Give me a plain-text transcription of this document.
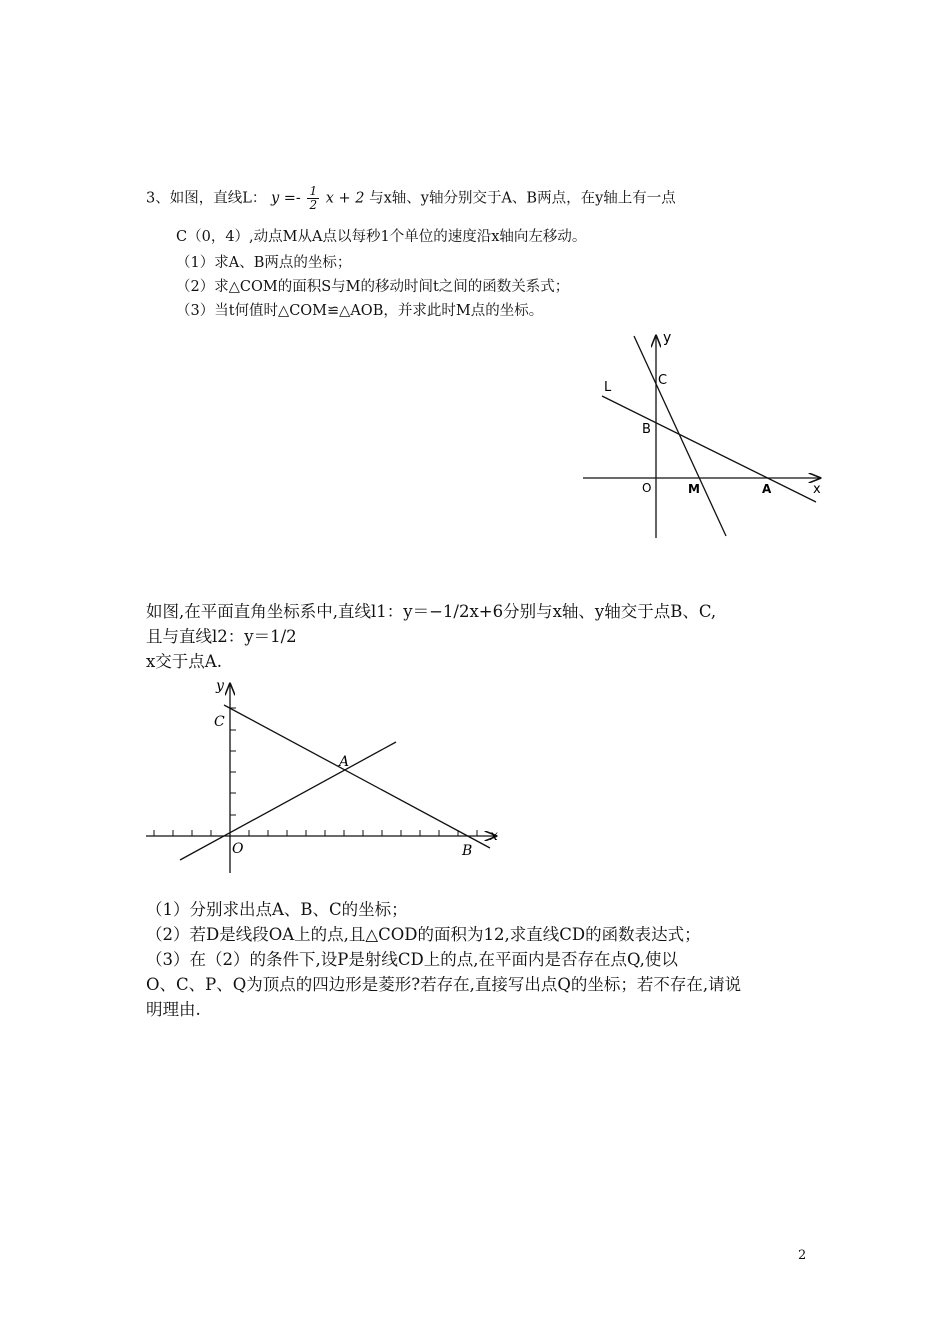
3、如图，直线L： $y =- \frac{1}{2}$ x + 2 与x轴、y轴分别交于A、B两点，在y轴上有一点
C（0，4）,动点M从A点以每秒1个单位的速度沿x轴向左移动。
（1）求A、B两点的坐标；
（2）求△COM的面积S与M的移动时间t之间的函数关系式；
（3）当t何值时△COM≌△AOB，并求此时M点的坐标。
y
x
L	C
B
O	M	A
如图,在平面直角坐标系中,直线l1：y＝−1/2x+6分别与x轴、y轴交于点B、C,
且与直线l2：y＝1/2
x交于点A.
y
x
C
A
O	B
（1）分别求出点A、B、C的坐标；
（2）若D是线段OA上的点,且△COD的面积为12,求直线CD的函数表达式；
（3）在（2）的条件下,设P是射线CD上的点,在平面内是否存在点Q,使以
O、C、P、Q为顶点的四边形是菱形?若存在,直接写出点Q的坐标；若不存在,请说
明理由.
2
